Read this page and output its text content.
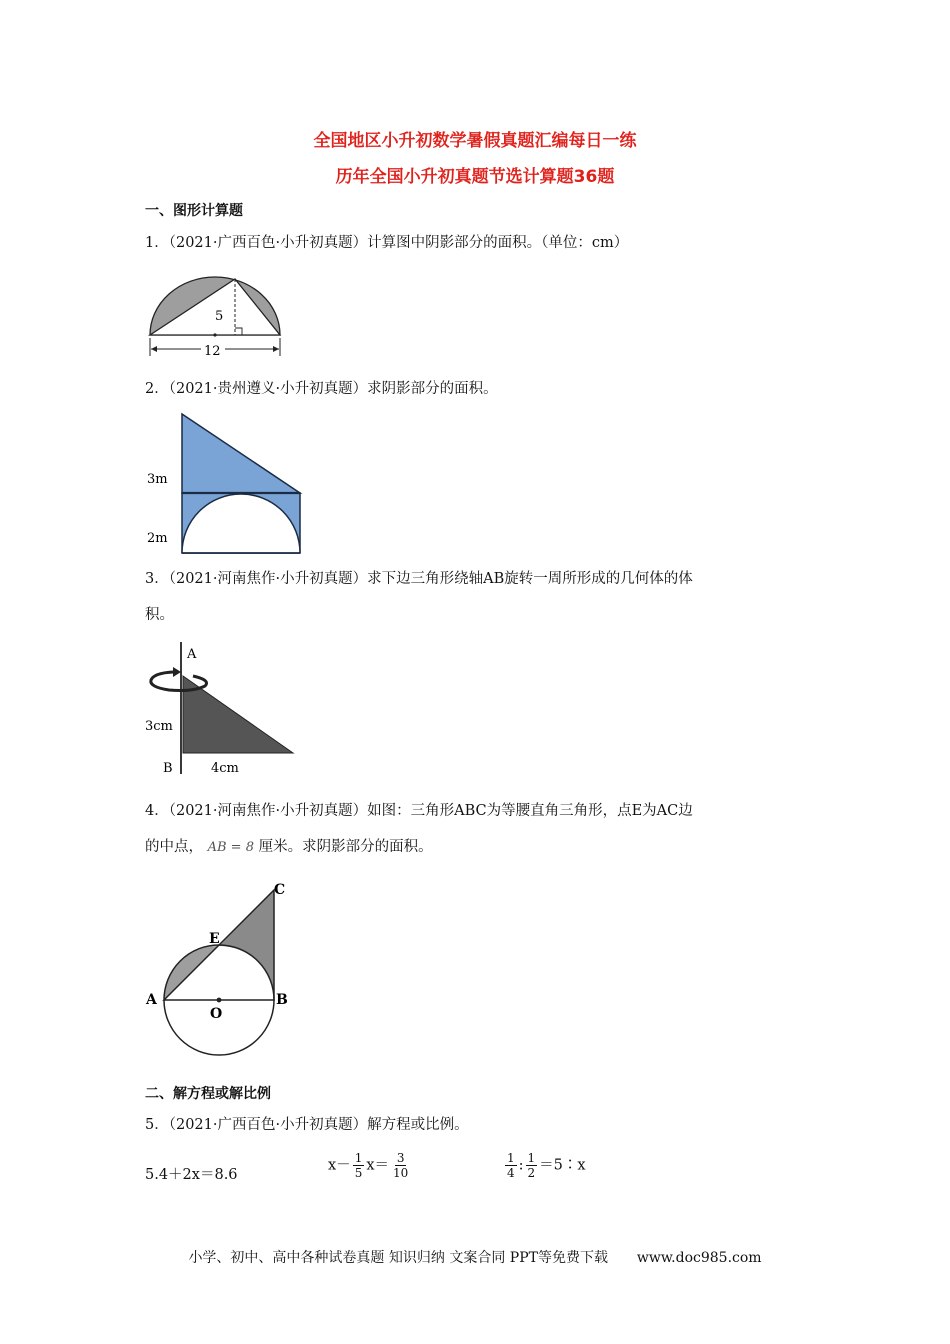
全国地区小升初数学暑假真题汇编每日一练
历年全国小升初真题节选计算题36题
一、图形计算题
1．（2021·广西百色·小升初真题）计算图中阴影部分的面积。（单位：cm）
5
12
2．（2021·贵州遵义·小升初真题）求阴影部分的面积。
3m
2m
3．（2021·河南焦作·小升初真题）求下边三角形绕轴AB旋转一周所形成的几何体的体
积。
A
B
3cm
4cm
4．（2021·河南焦作·小升初真题）如图：三角形ABC为等腰直角三角形，点E为AC边
的中点， AB = 8 厘米。求阴影部分的面积。
A	B
C
E
O
二、解方程或解比例
5．（2021·广西百色·小升初真题）解方程或比例。
5.4＋2x＝8.6
$x- \frac{1}{5} x= \frac{3}{10}$	$\frac{1}{4}$ : $\frac{1}{2}$ ＝5∶x
小学、初中、高中各种试卷真题 知识归纳 文案合同 PPT等免费下载 www.doc985.com
